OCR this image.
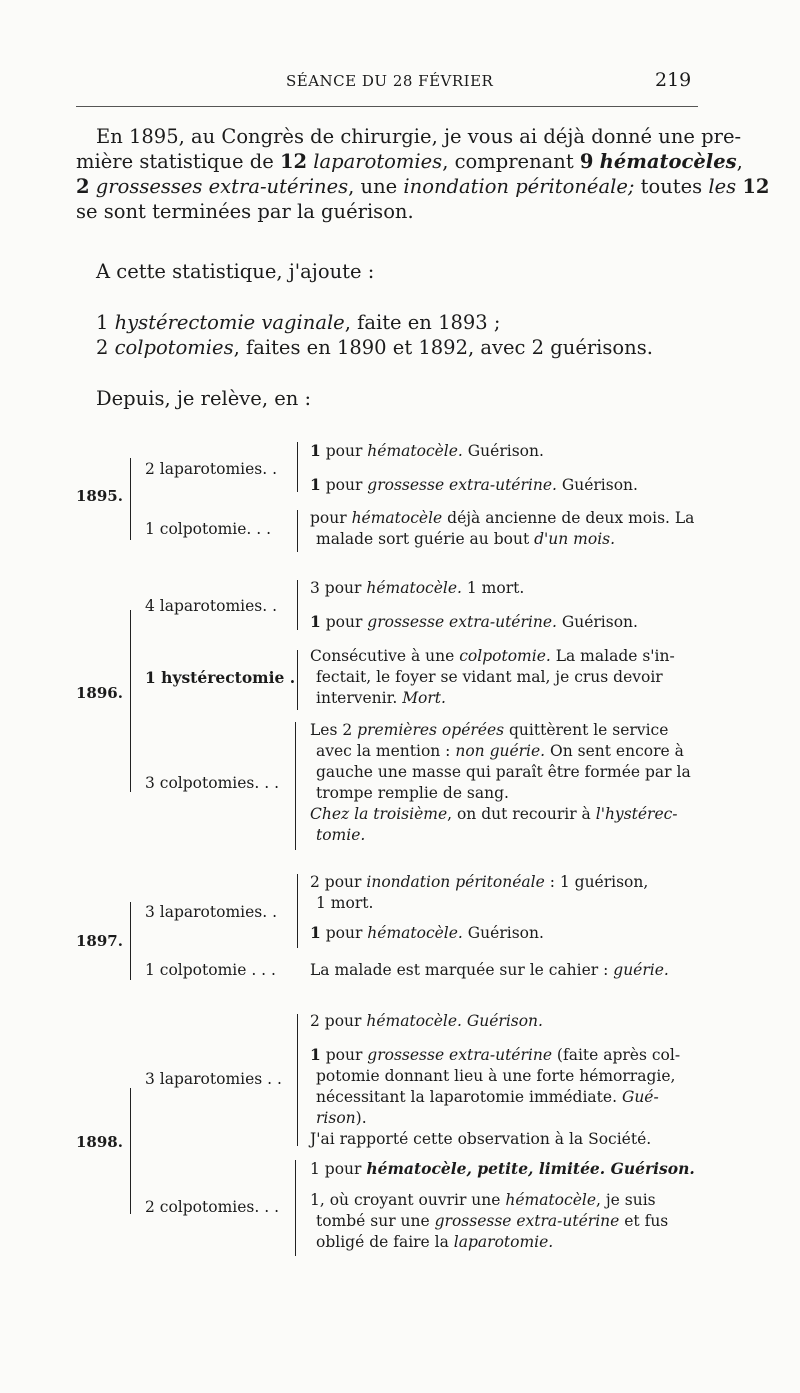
SÉANCE DU 28 FÉVRIER	219

En 1895, au Congrès de chirurgie, je vous ai déjà donné une pre-

mière statistique de 12 laparotomies, comprenant 9 hématocèles,

2 grossesses extra-utérines, une inondation péritonéale; toutes les 12

se sont terminées par la guérison.

A cette statistique, j'ajoute :

1 hystérectomie vaginale, faite en 1893 ;

2 colpotomies, faites en 1890 et 1892, avec 2 guérisons.

Depuis, je relève, en :

1895.
2 laparotomies. .

1 pour hématocèle. Guérison.

1 pour grossesse extra-utérine. Guérison.

1 colpotomie. . .

pour hématocèle déjà ancienne de deux mois. La

malade sort guérie au bout d'un mois.

1896.
4 laparotomies. .

3 pour hématocèle. 1 mort.

1 pour grossesse extra-utérine. Guérison.

1 hystérectomie .

Consécutive à une colpotomie. La malade s'in-

fectait, le foyer se vidant mal, je crus devoir

intervenir. Mort.

3 colpotomies. . .

Les 2 premières opérées quittèrent le service

avec la mention : non guérie. On sent encore à

gauche une masse qui paraît être formée par la

trompe remplie de sang.

Chez la troisième, on dut recourir à l'hystérec-

tomie.

1897.
3 laparotomies. .

2 pour inondation péritonéale : 1 guérison,

1 mort.

1 pour hématocèle. Guérison.

1 colpotomie . . . La malade est marquée sur le cahier : guérie.

1898.
3 laparotomies . .

2 pour hématocèle. Guérison.

1 pour grossesse extra-utérine (faite après col-

potomie donnant lieu à une forte hémorragie,

nécessitant la laparotomie immédiate. Gué-

rison).

J'ai rapporté cette observation à la Société.

2 colpotomies. . .

1 pour hématocèle, petite, limitée. Guérison.

1, où croyant ouvrir une hématocèle, je suis

tombé sur une grossesse extra-utérine et fus

obligé de faire la laparotomie.
